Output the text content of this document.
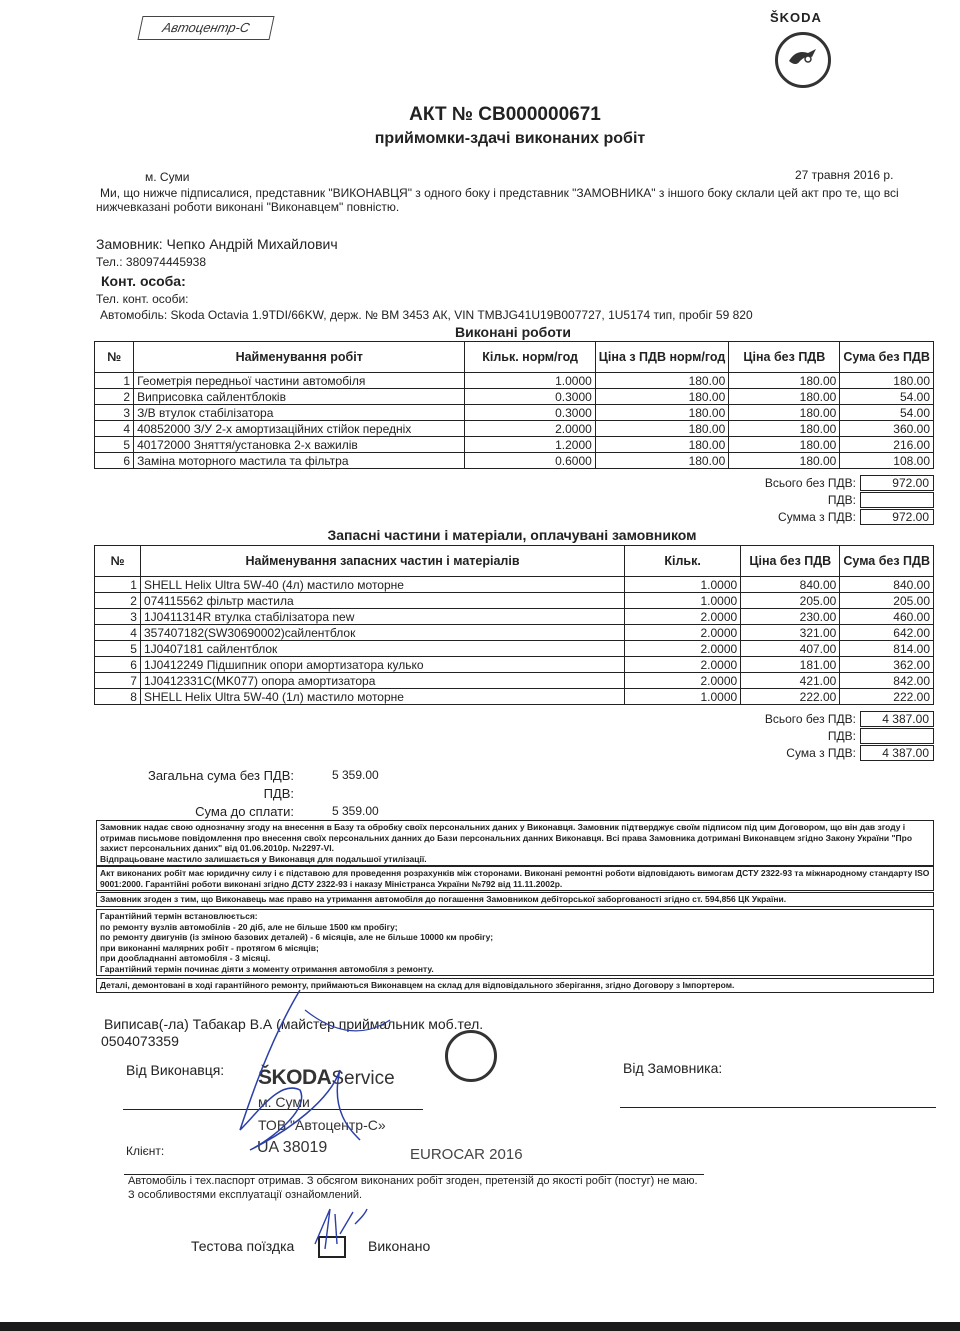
Автоцентр-С
ŠKODA
АКТ № СВ000000671
приймомки-здачі виконаних робіт
м. Суми	27 травня 2016 р.
Ми, що нижче підписалися, представник "ВИКОНАВЦЯ" з одного боку і представник "ЗАМОВНИКА" з іншого боку склали цей акт про те, що всі нижчевказані роботи виконані "Виконавцем" повністю.
Замовник: Чепко Андрій Михайлович
Тел.: 380974445938
Конт. особа:
Тел. конт. особи:
Автомобіль: Skoda Octavia 1.9TDI/66KW, держ. № ВМ 3453 АК, VIN TMBJG41U19B007727, 1U5174 тип, пробіг 59 820
Виконані роботи
№	Найменування робіт	Кільк. норм/год	Ціна з ПДВ норм/год	Ціна без ПДВ	Сума без ПДВ
1	Геометрія передньої частини автомобіля	1.0000	180.00	180.00	180.00
2	Виприсовка сайлентблоків	0.3000	180.00	180.00	54.00
3	З/В втулок стабілізатора	0.3000	180.00	180.00	54.00
4	40852000 З/У 2-х амортизаційних стійок передніх	2.0000	180.00	180.00	360.00
5	40172000 Зняття/установка 2-х важилів	1.2000	180.00	180.00	216.00
6	Заміна моторного мастила та фільтра	0.6000	180.00	180.00	108.00
Всього без ПДВ:	972.00
ПДВ:
Сумма з ПДВ:	972.00
Запасні частини і матеріали, оплачувані замовником
№	Найменування запасних частин і матеріалів	Кільк.	Ціна без ПДВ	Сума без ПДВ
1	SHELL Helix Ultra 5W-40 (4л) мастило моторне	1.0000	840.00	840.00
2	074115562 фільтр мастила	1.0000	205.00	205.00
3	1J0411314R втулка стабілізатора new	2.0000	230.00	460.00
4	357407182(SW30690002)сайлентблок	2.0000	321.00	642.00
5	1J0407181 сайлентблок	2.0000	407.00	814.00
6	1J0412249 Підшипник опори амортизатора кулько	2.0000	181.00	362.00
7	1J0412331C(MK077) опора амортизатора	2.0000	421.00	842.00
8	SHELL Helix Ultra 5W-40 (1л) мастило моторне	1.0000	222.00	222.00
Всього без ПДВ:	4 387.00
ПДВ:
Сума з ПДВ:	4 387.00
Загальна сума без ПДВ:	5 359.00
ПДВ:
Сума до сплати:	5 359.00
Замовник надає свою однозначну згоду на внесення в Базу та обробку своїх персональних даних у Виконавця. Замовник підтверджує своїм підписом під цим Договором, що він дав згоду і отримав письмове повідомлення про внесення своїх персональних данних до Бази персональних данних Виконавця. Всі права Замовника дотримані Виконавцем згідно Закону України "Про захист персональних даних" від 01.06.2010р. №2297-VI.
Відпрацьоване мастило залишається у Виконавця для подальшої утилізації.
Акт виконаних робіт має юридичну силу і є підставою для проведення розрахунків між сторонами. Виконані ремонтні роботи відповідають вимогам ДСТУ 2322-93 та міжнародному стандарту ISO 9001:2000. Гарантійні роботи виконані згідно ДСТУ 2322-93 і наказу Міністранса України №792 від 11.11.2002р.
Замовник згоден з тим, що Виконавець має право на утримання автомобіля до погашення Замовником дебіторської заборгованості згідно ст. 594,856 ЦК України.
Гарантійний термін встановлюється:
по ремонту вузлів автомобілів - 20 діб, але не більше 1500 км пробігу;
по ремонту двигунів (із зміною базових деталей) - 6 місяців, але не більше 10000 км пробігу;
при виконанні малярних робіт - протягом 6 місяців;
при дообладнанні автомобіля - 3 місяці.
Гарантійний термін починає діяти з моменту отримання автомобіля з ремонту.
Деталі, демонтовані в ході гарантійного ремонту, приймаються Виконавцем на склад для відповідального зберігання, згідно Договору з Імпортером.
Виписав(-ла) Табакар В.А (майстер приймальник моб.тел.
0504073359
Від Виконавця:	Від Замовника:
Клієнт:
ŠKODAService
м. Суми
ТОВ "Автоцентр-С»
UA 38019	EUROCAR 2016
Автомобіль і тех.паспорт отримав. З обсягом виконаних робіт згоден, претензій до якості робіт (постуг) не маю.
З особливостями експлуатації ознайомлений.
Тестова поїздка	Виконано
